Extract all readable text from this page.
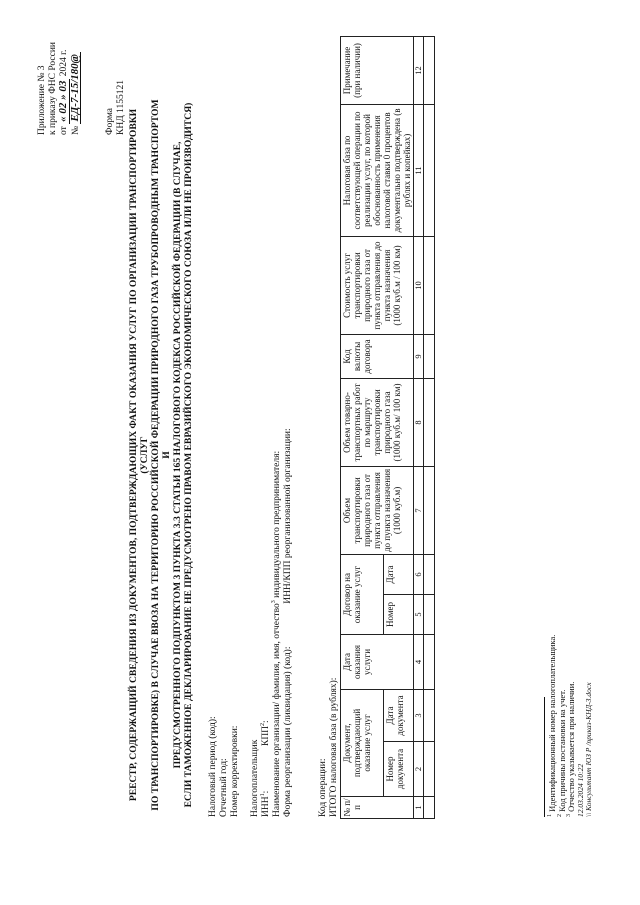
Приложение № 3 к приказу ФНС России от « 02 » 03 2024 г.
№ ЕД-7-15/180@	Форма КНД 1155121
РЕЕСТР, СОДЕРЖАЩИЙ СВЕДЕНИЯ ИЗ ДОКУМЕНТОВ, ПОДТВЕРЖДАЮЩИХ ФАКТ ОКАЗАНИЯ УСЛУГ ПО ОРГАНИЗАЦИИ ТРАНСПОРТИРОВКИ (УСЛУГ ПО ТРАНСПОРТИРОВКЕ) В СЛУЧАЕ ВВОЗА НА ТЕРРИТОРИЮ РОССИЙСКОЙ ФЕДЕРАЦИИ ПРИРОДНОГО ГАЗА ТРУБОПРОВОДНЫМ ТРАНСПОРТОМ И ПРЕДУСМОТРЕННОГО ПОДПУНКТОМ 3 ПУНКТА 3.3 СТАТЬИ 165 НАЛОГОВОГО КОДЕКСА РОССИЙСКОЙ ФЕДЕРАЦИИ (В СЛУЧАЕ, ЕСЛИ ТАМОЖЕННОЕ ДЕКЛАРИРОВАНИЕ НЕ ПРЕДУСМОТРЕНО ПРАВОМ ЕВРАЗИЙСКОГО ЭКОНОМИЧЕСКОГО СОЮЗА ИЛИ НЕ ПРОИЗВОДИТСЯ) Налоговый период (код): Отчетный год: Номер корректировки: Налогоплательщик ИНН$^1$:  КПП$^2$: Наименование организации/ фамилия, имя, отчество$^3$ индивидуального предпринимателя:
Форма реорганизации (ликвидация) (код):  ИНН/КПП реорганизованной организации:
Код операции: ИТОГО налоговая база (в рублях): № п/ п	Документ, подтверждающий оказание услуг		Дата оказания услуги	Договор на оказание услуг		Объем транспортировки природного газа от пункта отправления до пункта назначения (1000 куб.м)	Объем товарно-транспортных работ по маршруту транспортировки природного газа (1000 куб.м/ 100 км)	Код валюты договора	Стоимость услуг транспортировки природного газа от пункта отправления до пункта назначения (1000 куб.м / 100 км)	Налоговая база по соответствующей операции по реализации услуг, по которой обоснованность применения налоговой ставки 0 процентов документально подтверждена (в рублях и копейках)	Примечание (при наличии)
	Номер документа	Дата документа		Номер	Дата						
1	2	3	4	5	6	7	8	9	10	11	12

$^1$ Идентификационный номер налогоплательщика.
$^2$ Код причины постановки на учет.
$^3$ Отчество указывается при наличии. 12.03.2024 10:22 \\ Консультант ЮЗ Р /приказ-КНД-3.docx
